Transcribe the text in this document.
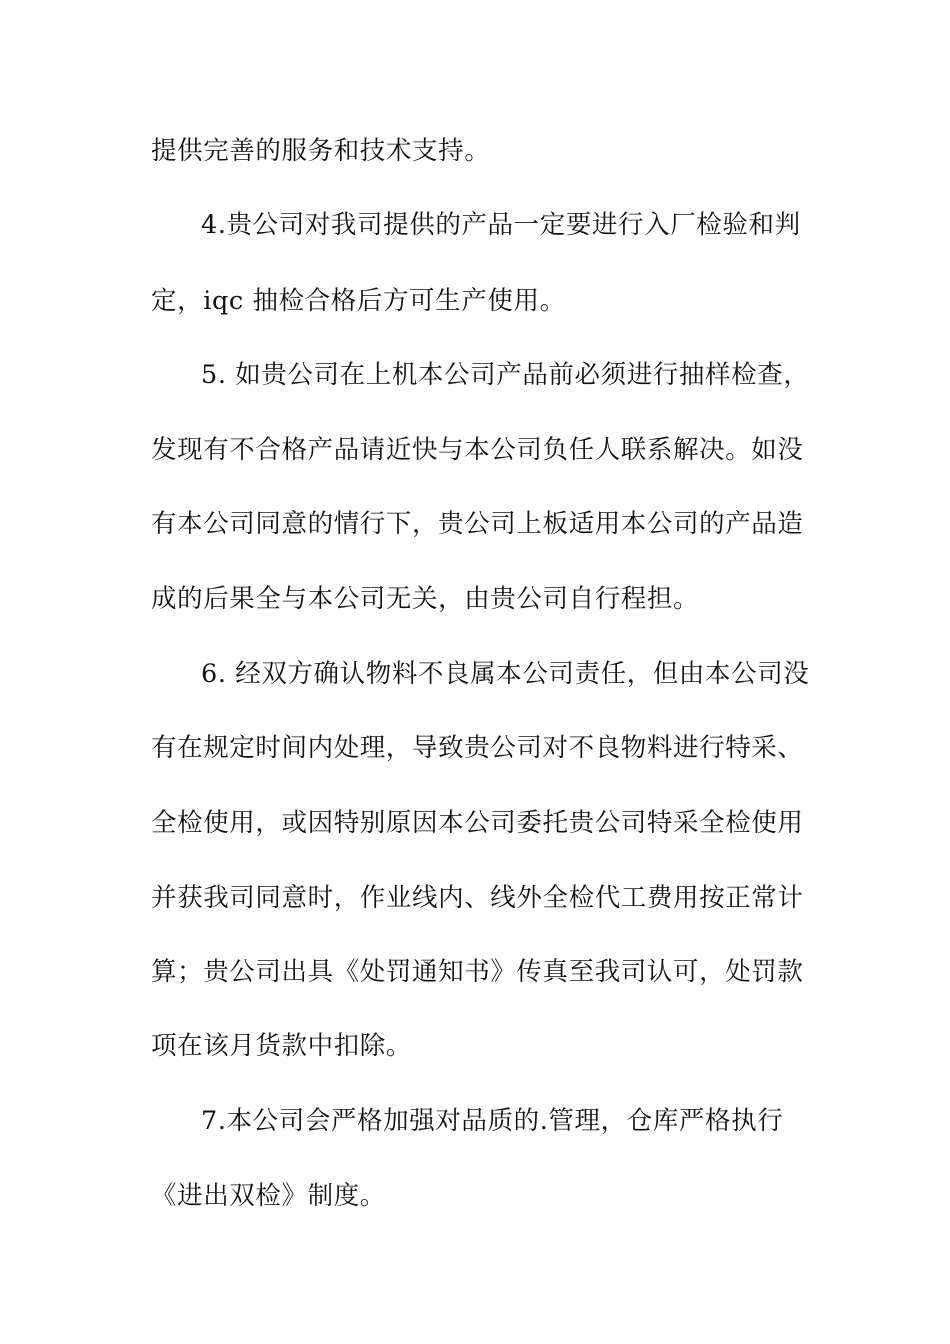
提供完善的服务和技术支持。
4.贵公司对我司提供的产品一定要进行入厂检验和判
定，iqc 抽检合格后方可生产使用。
5. 如贵公司在上机本公司产品前必须进行抽样检查，
发现有不合格产品请近快与本公司负任人联系解决。如没
有本公司同意的情行下，贵公司上板适用本公司的产品造
成的后果全与本公司无关，由贵公司自行程担。
6. 经双方确认物料不良属本公司责任，但由本公司没
有在规定时间内处理，导致贵公司对不良物料进行特采、
全检使用，或因特别原因本公司委托贵公司特采全检使用
并获我司同意时，作业线内、线外全检代工费用按正常计
算；贵公司出具《处罚通知书》传真至我司认可，处罚款
项在该月货款中扣除。
7.本公司会严格加强对品质的.管理，仓库严格执行
《进出双检》制度。
